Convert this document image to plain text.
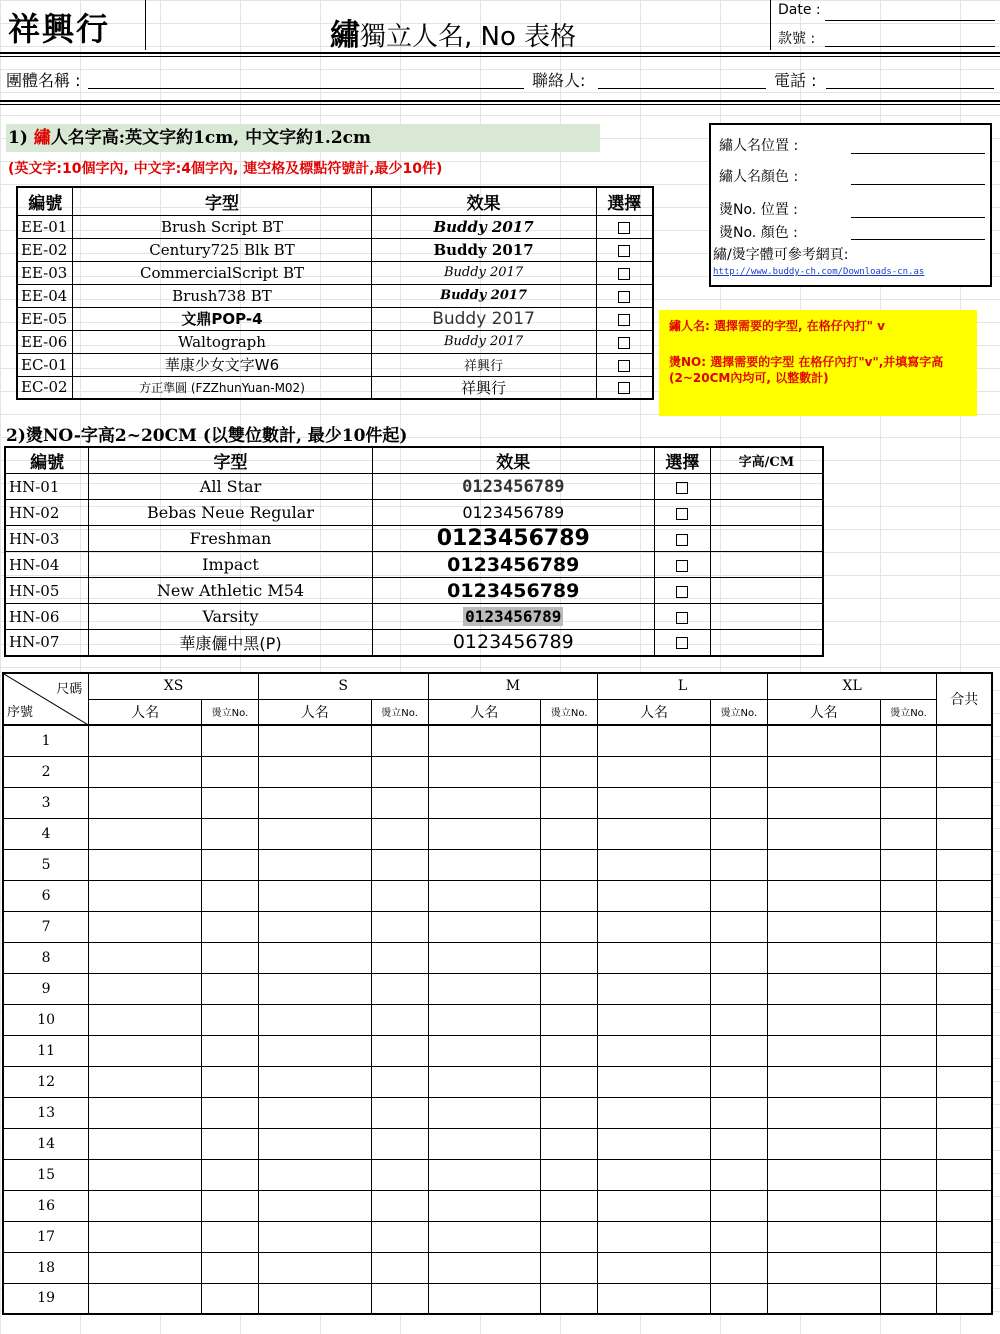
祥興行	繡獨立人名, No 表格
Date :
款號 :
團體名稱 :	聯絡人:	電話 :
1) 繡人名字高:英文字約1cm, 中文字約1.2cm
(英文字:10個字內, 中文字:4個字內, 連空格及標點符號計,最少10件)
編號	字型	效果	選擇
EE-01	Brush Script BT	Buddy 2017	
EE-02	Century725 Blk BT	Buddy 2017	
EE-03	CommercialScript BT	Buddy 2017	
EE-04	Brush738 BT	Buddy 2017	
EE-05	文鼎POP-4	Buddy 2017	
EE-06	Waltograph	Buddy 2017	
EC-01	華康少女文字W6	祥興行	
EC-02	方正準圓 (FZZhunYuan-M02)	祥興行	
繡人名位置 :
繡人名顏色 :
燙No. 位置 :
燙No. 顏色 :
繡/燙字體可參考網頁:
http://www.buddy-ch.com/Downloads-cn.as
繡人名: 選擇需要的字型, 在格仔內打" v
燙NO: 選擇需要的字型 在格仔內打"v",并填寫字高 (2~20CM內均可, 以整數計)
2)燙NO-字高2~20CM (以雙位數計, 最少10件起)
編號	字型	效果	選擇	字高/CM
HN-01	All Star	0123456789		
HN-02	Bebas Neue Regular	0123456789		
HN-03	Freshman	0123456789		
HN-04	Impact	0123456789		
HN-05	New Athletic M54	0123456789		
HN-06	Varsity	0123456789		
HN-07	華康儷中黑(P)	0123456789		
尺碼
序號	XS		S		M		L		XL		合共
	人名	燙立No.	人名	燙立No.	人名	燙立No.	人名	燙立No.	人名	燙立No.	
1											
2											
3											
4											
5											
6											
7											
8											
9											
10											
11											
12											
13											
14											
15											
16											
17											
18											
19											
